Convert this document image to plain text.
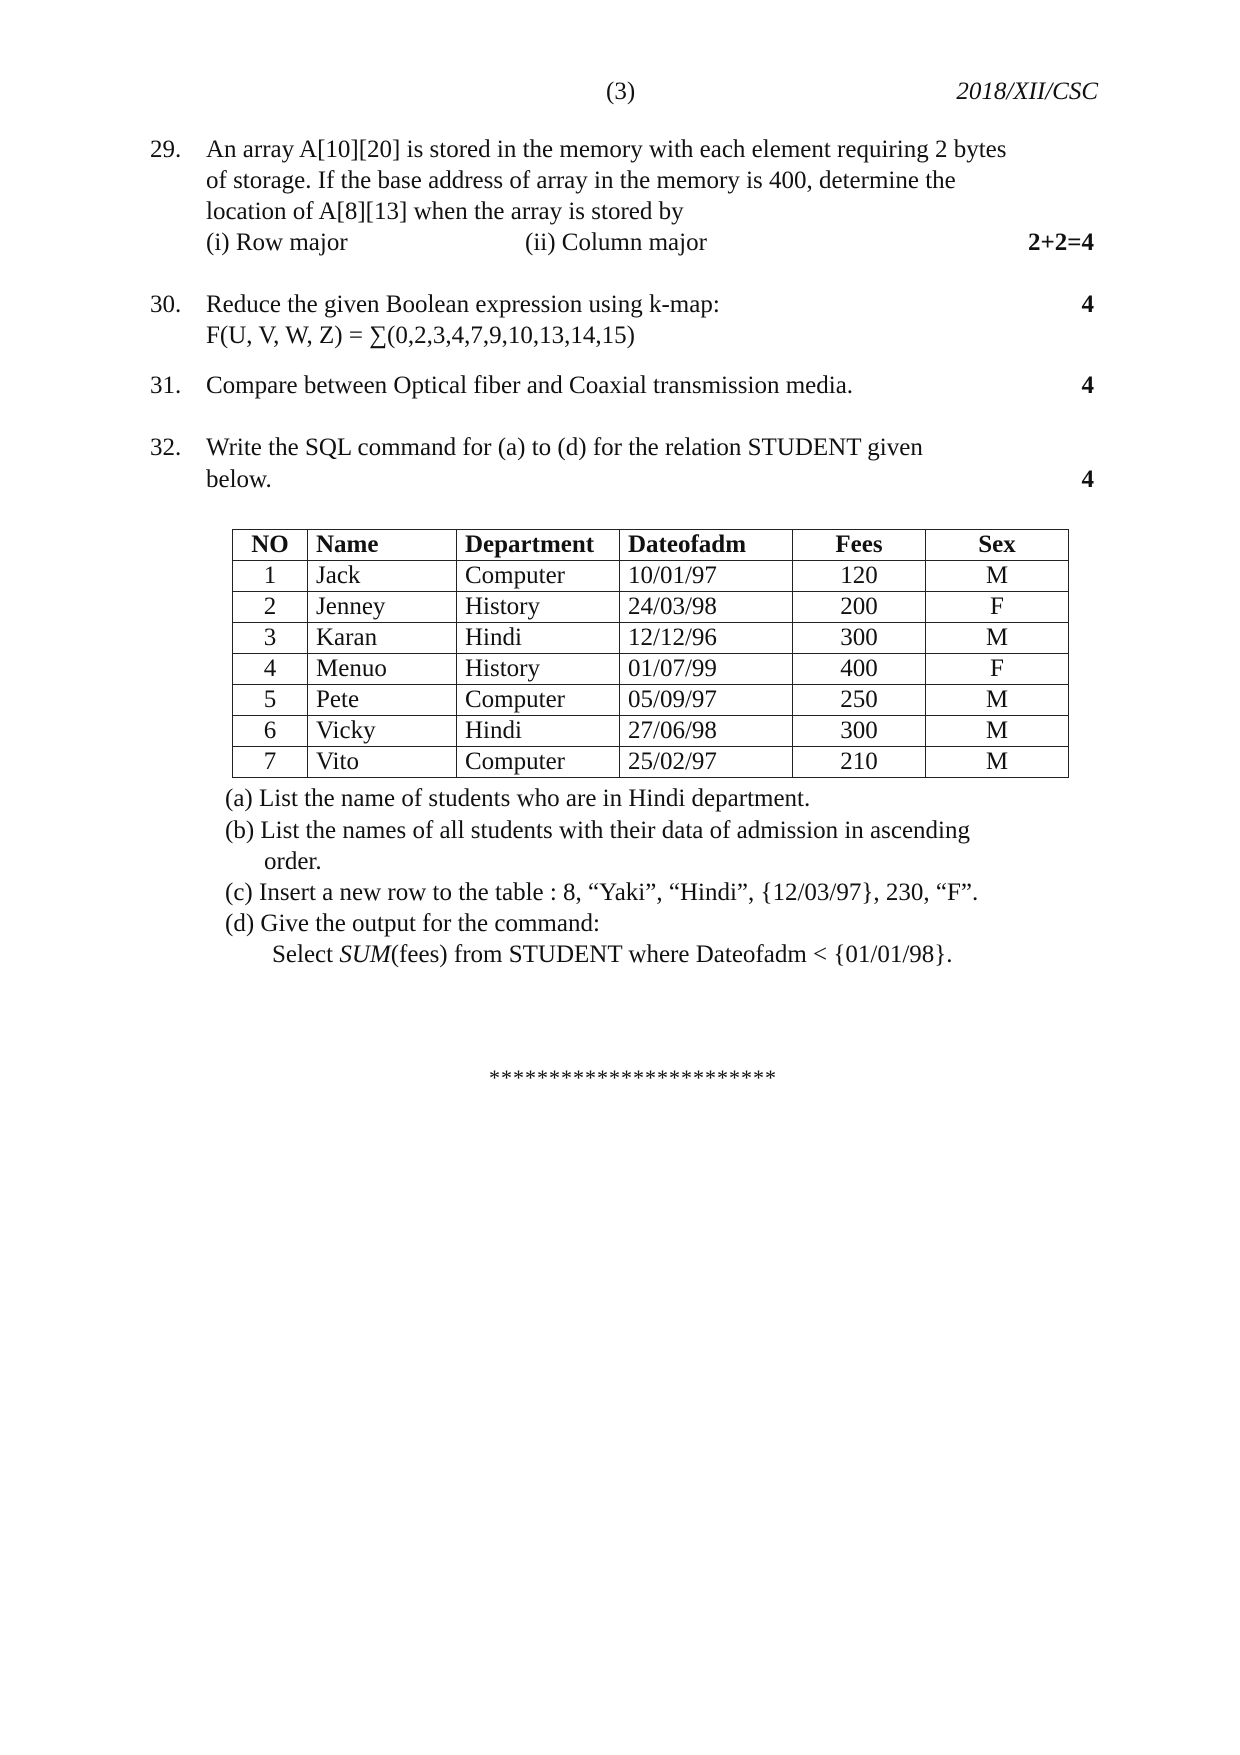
(3)	2018/XII/CSC
29. An array A[10][20] is stored in the memory with each element requiring 2 bytes
of storage. If the base address of array in the memory is 400, determine the
location of A[8][13] when the array is stored by
(i) Row major	(ii) Column major	2+2=4
30. Reduce the given Boolean expression using k-map:
F(U, V, W, Z) = ∑(0,2,3,4,7,9,10,13,14,15)
4
31. Compare between Optical fiber and Coaxial transmission media.	4
32. Write the SQL command for (a) to (d) for the relation STUDENT given
below.	4
NO	Name	Department	Dateofadm	Fees	Sex
1	Jack	Computer	10/01/97	120	M
2	Jenney	History	24/03/98	200	F
3	Karan	Hindi	12/12/96	300	M
4	Menuo	History	01/07/99	400	F
5	Pete	Computer	05/09/97	250	M
6	Vicky	Hindi	27/06/98	300	M
7	Vito	Computer	25/02/97	210	M
(a) List the name of students who are in Hindi department.
(b) List the names of all students with their data of admission in ascending
order.
(c) Insert a new row to the table : 8, “Yaki”, “Hindi”, {12/03/97}, 230, “F”.
(d) Give the output for the command:
Select SUM(fees) from STUDENT where Dateofadm < {01/01/98}.
************************
